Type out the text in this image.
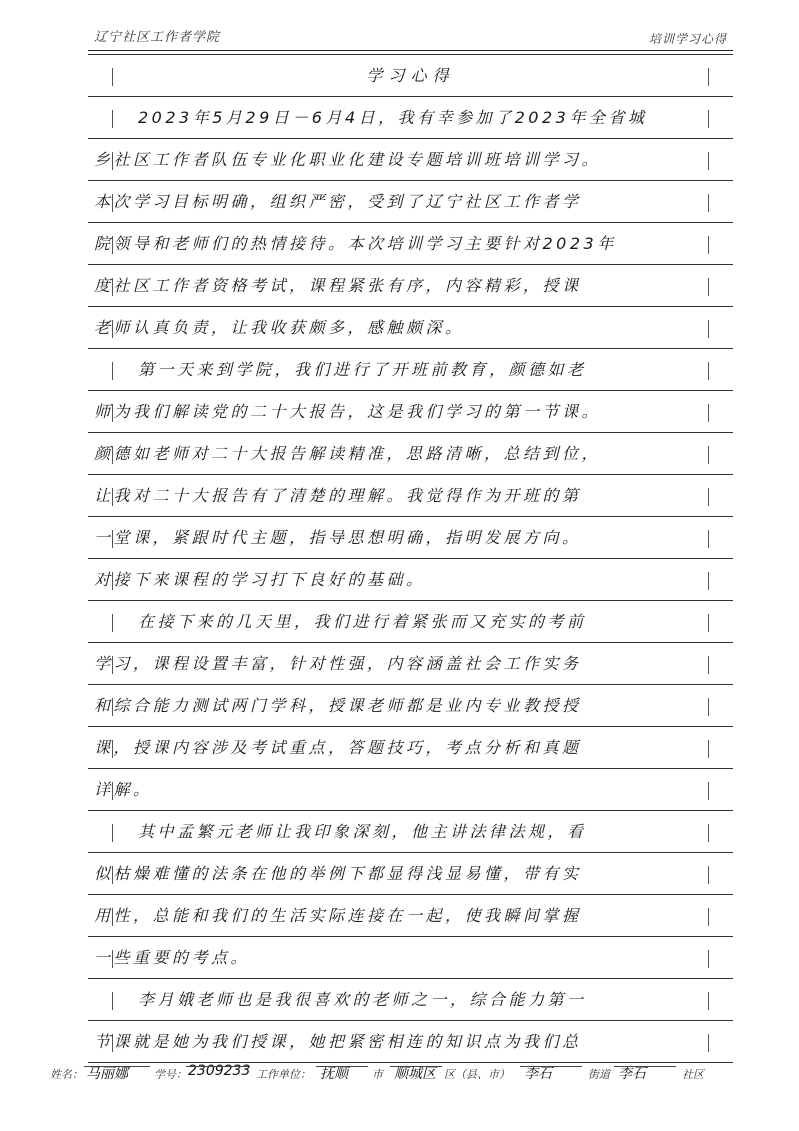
辽宁社区工作者学院	培训学习心得
学习心得
2023年5月29日－6月4日，我有幸参加了2023年全省城
乡社区工作者队伍专业化职业化建设专题培训班培训学习。
本次学习目标明确，组织严密，受到了辽宁社区工作者学
院领导和老师们的热情接待。本次培训学习主要针对2023年
度社区工作者资格考试，课程紧张有序，内容精彩，授课
老师认真负责，让我收获颇多，感触颇深。
第一天来到学院，我们进行了开班前教育，颜德如老
师为我们解读党的二十大报告，这是我们学习的第一节课。
颜德如老师对二十大报告解读精准，思路清晰，总结到位，
让我对二十大报告有了清楚的理解。我觉得作为开班的第
一堂课，紧跟时代主题，指导思想明确，指明发展方向。
对接下来课程的学习打下良好的基础。
在接下来的几天里，我们进行着紧张而又充实的考前
学习，课程设置丰富，针对性强，内容涵盖社会工作实务
和综合能力测试两门学科，授课老师都是业内专业教授授
课，授课内容涉及考试重点，答题技巧，考点分析和真题
详解。
其中孟繁元老师让我印象深刻，他主讲法律法规，看
似枯燥难懂的法条在他的举例下都显得浅显易懂，带有实
用性，总能和我们的生活实际连接在一起，使我瞬间掌握
一些重要的考点。
李月娥老师也是我很喜欢的老师之一，综合能力第一
节课就是她为我们授课，她把紧密相连的知识点为我们总
姓名： 马丽娜 学号： 2309233 工作单位： 抚顺 市 顺城区 区（县、市） 李石	街道 李石	社区
